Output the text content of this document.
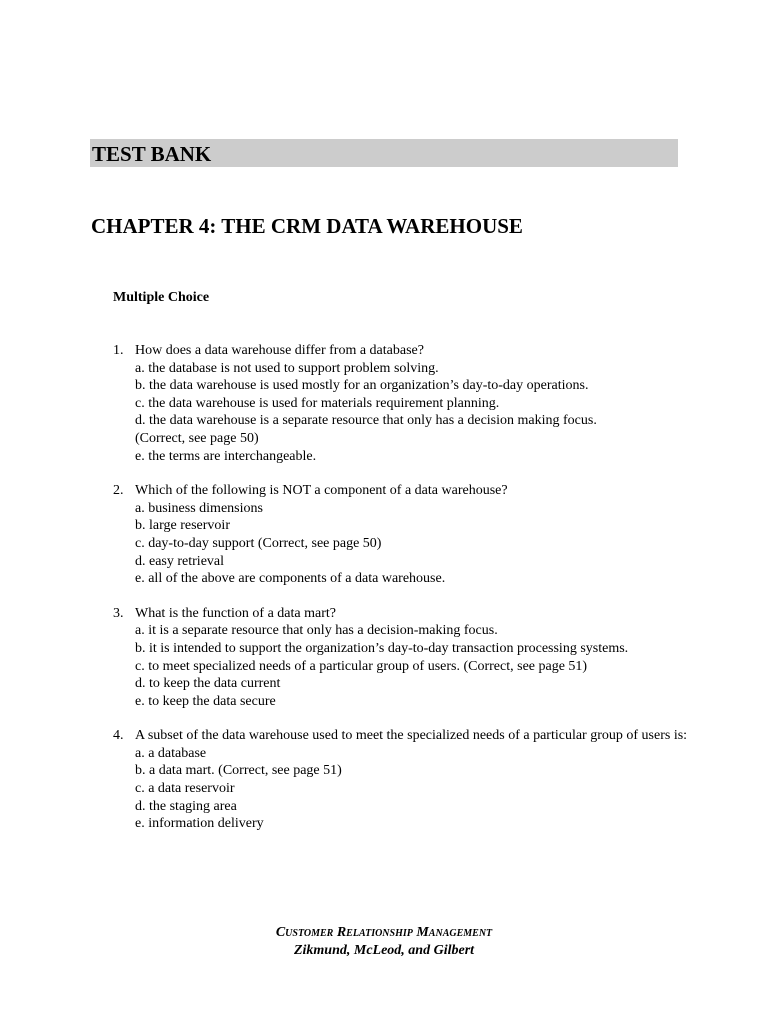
TEST BANK
CHAPTER 4: THE CRM DATA WAREHOUSE
Multiple Choice
1. How does a data warehouse differ from a database?
a. the database is not used to support problem solving.
b. the data warehouse is used mostly for an organization’s day-to-day operations.
c. the data warehouse is used for materials requirement planning.
d. the data warehouse is a separate resource that only has a decision making focus.
(Correct, see page 50)
e. the terms are interchangeable.
2. Which of the following is NOT a component of a data warehouse?
a. business dimensions
b. large reservoir
c. day-to-day support (Correct, see page 50)
d. easy retrieval
e. all of the above are components of a data warehouse.
3. What is the function of a data mart?
a. it is a separate resource that only has a decision-making focus.
b. it is intended to support the organization’s day-to-day transaction processing systems.
c. to meet specialized needs of a particular group of users. (Correct, see page 51)
d. to keep the data current
e. to keep the data secure
4. A subset of the data warehouse used to meet the specialized needs of a particular group of users is:
a. a database
b. a data mart. (Correct, see page 51)
c. a data reservoir
d. the staging area
e. information delivery
Customer Relationship Management
Zikmund, McLeod, and Gilbert
